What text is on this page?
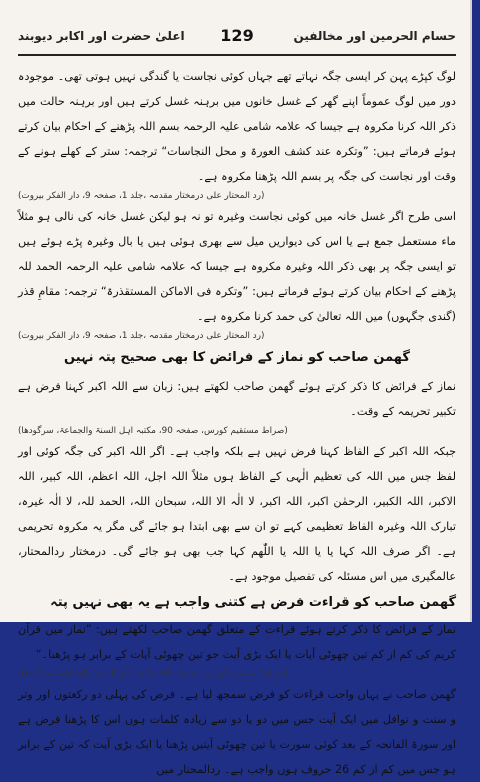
حسام الحرمین اور مخالفین
129
اعلیٰ حضرت اور اکابر دیوبند

لوگ کپڑے پہن کر ایسی جگہ نہاتے تھے جہاں کوئی نجاست یا گندگی نہیں ہوتی تھی۔ موجودہ دور میں لوگ عموماً اپنے گھر کے غسل خانوں میں برہنہ غسل کرتے ہیں اور برہنہ حالت میں ذکر اللہ کرنا مکروہ ہے جیسا کہ علامہ شامی علیہ الرحمہ بسم اللہ پڑھنے کے احکام بیان کرتے ہوئے فرماتے ہیں: ”وتکرہ عند کشف العورۃ و محل النجاسات“ ترجمہ: ستر کے کھلے ہونے کے وقت اور نجاست کی جگہ پر بسم اللہ پڑھنا مکروہ ہے۔

(رد المحتار علی درمختار مقدمہ ،جلد 1، صفحہ 9، دار الفکر بیروت)

اسی طرح اگر غسل خانہ میں کوئی نجاست وغیرہ تو نہ ہو لیکن غسل خانہ کی نالی ہو مثلاً ماء مستعمل جمع ہے یا اس کی دیواریں میل سے بھری ہوئی ہیں یا بال وغیرہ پڑے ہوئے ہیں تو ایسی جگہ پر بھی ذکر اللہ وغیرہ مکروہ ہے جیسا کہ علامہ شامی علیہ الرحمہ الحمد للہ پڑھنے کے احکام بیان کرتے ہوئے فرماتے ہیں: ”وتکرہ فی الاماکن المستقذرۃ“ ترجمہ: مقامِ قذر (گندی جگہوں) میں اللہ تعالیٰ کی حمد کرنا مکروہ ہے۔

(رد المحتار علی درمختار مقدمہ ،جلد 1، صفحہ 9، دار الفکر بیروت)

گھمن صاحب کو نماز کے فرائض کا بھی صحیح پتہ نہیں

نماز کے فرائض کا ذکر کرتے ہوئے گھمن صاحب لکھتے ہیں: زبان سے اللہ اکبر کہنا فرض ہے تکبیر تحریمہ کے وقت۔

(صراط مستقیم کورس، صفحہ 90، مکتبہ اہل السنۃ والجماعۃ، سرگودھا)

جبکہ اللہ اکبر کے الفاظ کہنا فرض نہیں ہے بلکہ واجب ہے۔ اگر اللہ اکبر کی جگہ کوئی اور لفظ جس میں اللہ کی تعظیم الٰہی کے الفاظ ہوں مثلاً اللہ اجل، اللہ اعظم، اللہ کبیر، اللہ الاکبر، اللہ الکبیر، الرحمٰن اکبر، اللہ اکبر، لا الٰہ الا اللہ، سبحان اللہ، الحمد للہ، لا الٰہ غیرہ، تبارک اللہ وغیرہ الفاظ تعظیمی کہے تو ان سے بھی ابتدا ہو جائے گی مگر یہ مکروہ تحریمی ہے۔ اگر صرف اللہ کہا یا یا اللہ یا اللّٰھم کہا جب بھی ہو جائے گی۔ درمختار ردالمحتار، عالمگیری میں اس مسئلہ کی تفصیل موجود ہے۔

گھمن صاحب کو قراءت فرض ہے کتنی واجب ہے یہ بھی نہیں پتہ

نماز کے فرائض کا ذکر کرتے ہوئے قراءت کے متعلق گھمن صاحب لکھتے ہیں: ”نماز میں قرآن کریم کی کم از کم تین چھوٹی آیات یا ایک بڑی آیت جو تین چھوٹی آیات کے برابر ہو پڑھنا۔“

(صراط مستقیم کورس، صفحہ 90، مکتبہ اہل السنۃ والجماعۃ، سرگودھا)

گھمن صاحب نے یہاں واجب قراءت کو فرض سمجھ لیا ہے۔ فرض کی پہلی دو رکعتوں اور وتر و سنت و نوافل میں ایک آیت جس میں دو یا دو سے زیادہ کلمات ہوں اس کا پڑھنا فرض ہے اور سورۃ الفاتحہ کے بعد کوئی سورت یا تین چھوٹی آیتیں پڑھنا یا ایک بڑی آیت کہ تین کے برابر ہو جس میں کم از کم 26 حروف ہوں واجب ہے۔ ردالمحتار میں
